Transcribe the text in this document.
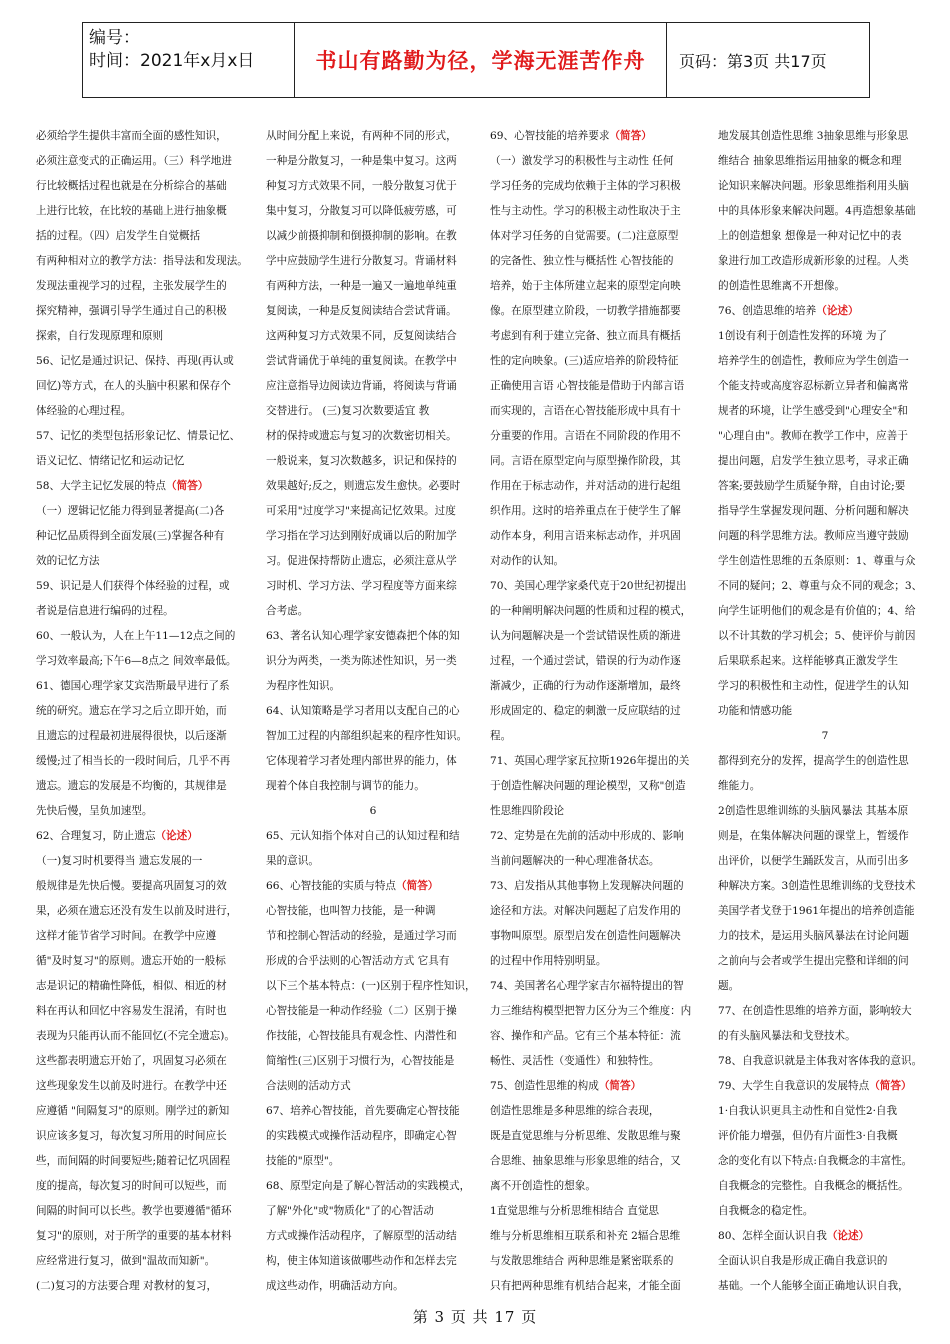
编号：
时间：2021年x月x日	书山有路勤为径，学海无涯苦作舟	页码：第3页 共17页

必须给学生提供丰富而全面的感性知识，

必须注意变式的正确运用。（三）科学地进

行比较概括过程也就是在分析综合的基础

上进行比较，在比较的基础上进行抽象概

括的过程。（四）启发学生自觉概括

有两种相对立的教学方法：指导法和发现法。

发现法重视学习的过程，主张发展学生的

探究精神，强调引导学生通过自己的积极

探索，自行发现原理和原则

56、记忆是通过识记、保持、再现(再认或

回忆)等方式，在人的头脑中积累和保存个

体经验的心理过程。

57、记忆的类型包括形象记忆、情景记忆、

语义记忆、情绪记忆和运动记忆

58、大学主记忆发展的特点（简答）

（一）逻辑记忆能力得到显著提高(二)各

种记忆品质得到全面发展(三)掌握各种有

效的记忆方法

59、识记是人们获得个体经验的过程，或

者说是信息进行编码的过程。

60、一般认为，人在上午11—12点之间的

学习效率最高;下午6—8点之 间效率最低。

61、德国心理学家艾宾浩斯最早进行了系

统的研究。遗忘在学习之后立即开始，而

且遗忘的过程最初进展得很快，以后逐渐

缓慢;过了相当长的一段时间后，几乎不再

遗忘。遗忘的发展是不均衡的，其规律是

先快后慢，呈负加速型。

62、合理复习，防止遗忘（论述）

（一)复习时机要得当 遗忘发展的一

般规律是先快后慢。要提高巩固复习的效

果，必须在遗忘还没有发生以前及时进行，

这样才能节省学习时间。在教学中应遵

循"及时复习"的原则。遗忘开始的一般标

志是识记的精确性降低，相似、相近的材

料在再认和回忆中容易发生混淆，有时也

表现为只能再认而不能回忆(不完全遗忘)。

这些都表明遗忘开始了，巩固复习必须在

这些现象发生以前及时进行。在教学中还

应遵循 "间隔复习"的原则。刚学过的新知

识应该多复习，每次复习所用的时间应长

些，而间隔的时间要短些;随着记忆巩固程

度的提高，每次复习的时间可以短些，而

间隔的时间可以长些。教学也要遵循"循环

复习"的原则，对于所学的重要的基本材料

应经常进行复习，做到"温故而知新"。

(二)复习的方法要合理 对教材的复习，

从时间分配上来说，有两种不同的形式，

一种是分散复习，一种是集中复习。这两

种复习方式效果不同，一般分散复习优于

集中复习，分散复习可以降低疲劳感，可

以减少前摄抑制和倒摄抑制的影响。在教

学中应鼓励学生进行分散复习。背诵材料

有两种方法，一种是一遍又一遍地单纯重

复阅读，一种是反复阅读结合尝试背诵。

这两种复习方式效果不同，反复阅读结合

尝试背诵优于单纯的重复阅读。在教学中

应注意指导边阅读边背诵，将阅读与背诵

交替进行。 (三)复习次数要适宜 教

材的保持或遗忘与复习的次数密切相关。

一般说来，复习次数越多，识记和保持的

效果越好;反之，则遗忘发生愈快。必要时

可采用"过度学习"来提高记忆效果。过度

学习指在学习达到刚好成诵以后的附加学

习。促进保持帮防止遗忘，必须注意从学

习时机、学习方法、学习程度等方面来综

合考虑。

63、著名认知心理学家安德森把个体的知

识分为两类，一类为陈述性知识，另一类

为程序性知识。

64、认知策略是学习者用以支配自己的心

智加工过程的内部组织起来的程序性知识。

它体现着学习者处理内部世界的能力，体

现着个体自我控制与调节的能力。

6

65、元认知指个体对自己的认知过程和结

果的意识。

66、心智技能的实质与特点（简答）

心智技能，也叫智力技能，是一种调

节和控制心智活动的经验，是通过学习而

形成的合乎法则的心智活动方式 它具有

以下三个基本特点：(一)区别于程序性知识，

心智技能是一种动作经验（二）区别于操

作技能，心智技能具有观念性、内潜性和

简缩性(三)区别于习惯行为，心智技能是

合法则的活动方式

67、培养心智技能，首先要确定心智技能

的实践模式或操作活动程序，即确定心智

技能的"原型"。

68、原型定向是了解心智活动的实践模式，

了解"外化"或"物质化"了的心智活动

方式或操作活动程序，了解原型的活动结

构，使主体知道该做哪些动作和怎样去完

成这些动作，明确活动方向。

69、心智技能的培养要求（简答）

（一）激发学习的积极性与主动性 任何

学习任务的完成均依赖于主体的学习积极

性与主动性。学习的积极主动性取决于主

体对学习任务的自觉需要。(二)注意原型

的完备性、独立性与概括性 心智技能的

培养，始于主体所建立起来的原型定向映

像。在原型建立阶段，一切教学措施都要

考虑到有利于建立完备、独立而具有概括

性的定向映象。(三)适应培养的阶段特征

正确使用言语 心智技能是借助于内部言语

而实现的，言语在心智技能形成中具有十

分重要的作用。言语在不同阶段的作用不

同。言语在原型定向与原型操作阶段，其

作用在于标志动作，并对活动的进行起组

织作用。这时的培养重点在于使学生了解

动作本身，利用言语来标志动作，并巩固

对动作的认知。

70、美国心理学家桑代克于20世纪初提出

的一种阐明解决问题的性质和过程的模式，

认为问题解决是一个尝试错误性质的渐进

过程，一个通过尝试，错误的行为动作逐

渐减少，正确的行为动作逐渐增加，最终

形成固定的、稳定的刺激一反应联结的过

程。

71、英国心理学家瓦拉斯1926年提出的关

于创造性解决问题的理论模型，又称"创造

性思维四阶段论

72、定势是在先前的活动中形成的、影响

当前问题解决的一种心理准备状态。

73、启发指从其他事物上发现解决问题的

途径和方法。对解决问题起了启发作用的

事物叫原型。原型启发在创造性问题解决

的过程中作用特别明显。

74、美国著名心理学家吉尔福特提出的智

力三维结构模型把智力区分为三个维度：内

容、操作和产品。它有三个基本特征：流

畅性、灵活性（变通性）和独特性。

75、创造性思维的构成（简答）

创造性思维是多种思维的综合表现，

既是直觉思维与分析思维、发散思维与聚

合思维、抽象思维与形象思维的结合，又

离不开创造性的想象。

1直觉思维与分析思维相结合 直觉思

维与分析思维相互联系和补充 2辐合思维

与发散思维结合 两种思维是紧密联系的

只有把两种思维有机结合起来，才能全面

地发展其创造性思维 3抽象思维与形象思

维结合 抽象思维指运用抽象的概念和理

论知识来解决问题。形象思维指利用头脑

中的具体形象来解决问题。4再造想象基础

上的创造想象 想像是一种对记忆中的表

象进行加工改造形成新形象的过程。人类

的创造性思维离不开想像。

76、创造思维的培养（论述）

1创设有利于创造性发挥的环境 为了

培养学生的创造性，教师应为学生创造一

个能支持或高度容忍标新立异者和偏离常

规者的环境，让学生感受到"心理安全"和

"心理自由"。教师在教学工作中，应善于

提出问题，启发学生独立思考，寻求正确

答案;要鼓励学生质疑争辩，自由讨论;要

指导学生掌握发现问题、分析问题和解决

问题的科学思维方法。教师应当遵守鼓励

学生创造性思维的五条原则：1、尊重与众

不同的疑问；2、尊重与众不同的观念；3、

向学生证明他们的观念是有价值的；4、给

以不计其数的学习机会；5、使评价与前因

后果联系起来。这样能够真正激发学生

学习的积极性和主动性，促进学生的认知

功能和情感功能

7

都得到充分的发挥，提高学生的创造性思

维能力。

2创造性思维训练的头脑风暴法 其基本原

则是，在集体解决问题的课堂上，暂缓作

出评价，以便学生踊跃发言，从而引出多

种解决方案。3创造性思维训练的戈登技术

美国学者戈登于1961年提出的培养创造能

力的技术，是运用头脑风暴法在讨论问题

之前向与会者或学生提出完整和详细的问

题。

77、在创造性思维的培养方面，影响较大

的有头脑风暴法和戈登技术。

78、自我意识就是主体我对客体我的意识。

79、大学生自我意识的发展特点（简答）

1·自我认识更具主动性和自觉性2·自我

评价能力增强，但仍有片面性3·自我概

念的变化有以下特点:自我概念的丰富性。

自我概念的完整性。自我概念的概括性。

自我概念的稳定性。

80、怎样全面认识自我（论述）

全面认识自我是形成正确自我意识的

基础。一个人能够全面正确地认识自我，

第 3 页 共 17 页
